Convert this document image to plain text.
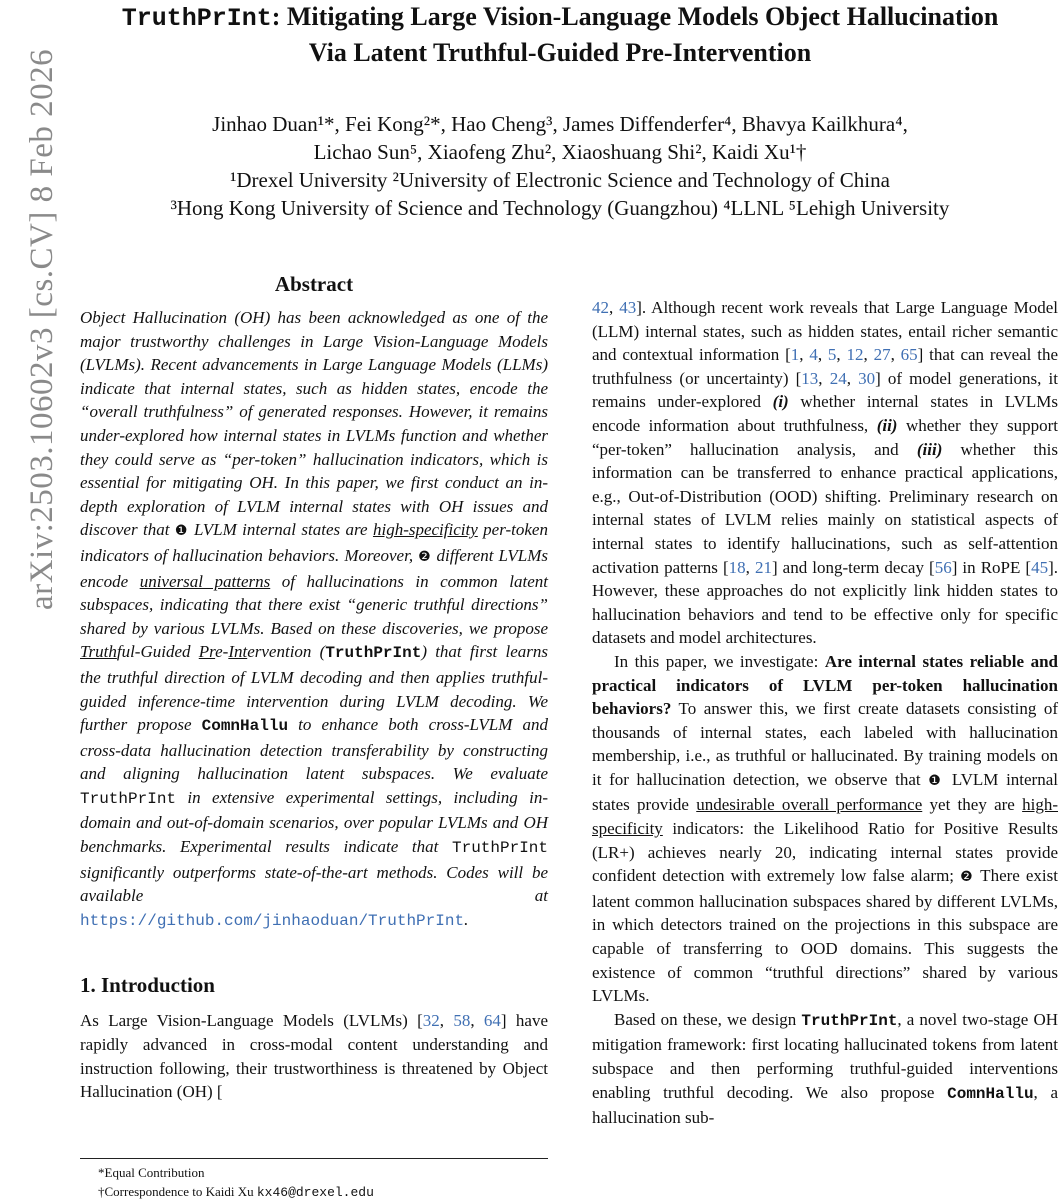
arXiv:2503.10602v3 [cs.CV] 8 Feb 2026
TruthPrInt: Mitigating Large Vision-Language Models Object Hallucination
Via Latent Truthful-Guided Pre-Intervention
Jinhao Duan¹*, Fei Kong²*, Hao Cheng³, James Diffenderfer⁴, Bhavya Kailkhura⁴,
Lichao Sun⁵, Xiaofeng Zhu², Xiaoshuang Shi², Kaidi Xu¹†
¹Drexel University ²University of Electronic Science and Technology of China
³Hong Kong University of Science and Technology (Guangzhou) ⁴LLNL ⁵Lehigh University
Abstract
Object Hallucination (OH) has been acknowledged as one of the major trustworthy challenges in Large Vision-Language Models (LVLMs). Recent advancements in Large Language Models (LLMs) indicate that internal states, such as hidden states, encode the “overall truthfulness” of generated responses. However, it remains under-explored how internal states in LVLMs function and whether they could serve as “per-token” hallucination indicators, which is essential for mitigating OH. In this paper, we first conduct an in-depth exploration of LVLM internal states with OH issues and discover that ❶ LVLM internal states are high-specificity per-token indicators of hallucination behaviors. Moreover, ❷ different LVLMs encode universal patterns of hallucinations in common latent subspaces, indicating that there exist “generic truthful directions” shared by various LVLMs. Based on these discoveries, we propose Truthful-Guided Pre-Intervention (TruthPrInt) that first learns the truthful direction of LVLM decoding and then applies truthful-guided inference-time intervention during LVLM decoding. We further propose ComnHallu to enhance both cross-LVLM and cross-data hallucination detection transferability by constructing and aligning hallucination latent subspaces. We evaluate TruthPrInt in extensive experimental settings, including in-domain and out-of-domain scenarios, over popular LVLMs and OH benchmarks. Experimental results indicate that TruthPrInt significantly outperforms state-of-the-art methods. Codes will be available at https://github.com/jinhaoduan/TruthPrInt.
1. Introduction

As Large Vision-Language Models (LVLMs) [32, 58, 64] have rapidly advanced in cross-modal content understanding and instruction following, their trustworthiness is threatened by Object Hallucination (OH) [

42, 43]. Although recent work reveals that Large Language Model (LLM) internal states, such as hidden states, entail richer semantic and contextual information [1, 4, 5, 12, 27, 65] that can reveal the truthfulness (or uncertainty) [13, 24, 30] of model generations, it remains under-explored (i) whether internal states in LVLMs encode information about truthfulness, (ii) whether they support “per-token” hallucination analysis, and (iii) whether this information can be transferred to enhance practical applications, e.g., Out-of-Distribution (OOD) shifting. Preliminary research on internal states of LVLM relies mainly on statistical aspects of internal states to identify hallucinations, such as self-attention activation patterns [18, 21] and long-term decay [56] in RoPE [45]. However, these approaches do not explicitly link hidden states to hallucination behaviors and tend to be effective only for specific datasets and model architectures.

In this paper, we investigate: Are internal states reliable and practical indicators of LVLM per-token hallucination behaviors? To answer this, we first create datasets consisting of thousands of internal states, each labeled with hallucination membership, i.e., as truthful or hallucinated. By training models on it for hallucination detection, we observe that ❶ LVLM internal states provide undesirable overall performance yet they are high-specificity indicators: the Likelihood Ratio for Positive Results (LR+) achieves nearly 20, indicating internal states provide confident detection with extremely low false alarm; ❷ There exist latent common hallucination subspaces shared by different LVLMs, in which detectors trained on the projections in this subspace are capable of transferring to OOD domains. This suggests the existence of common “truthful directions” shared by various LVLMs.

Based on these, we design TruthPrInt, a novel two-stage OH mitigation framework: first locating hallucinated tokens from latent subspace and then performing truthful-guided interventions enabling truthful decoding. We also propose ComnHallu, a hallucination sub-

*Equal Contribution
†Correspondence to Kaidi Xu kx46@drexel.edu
